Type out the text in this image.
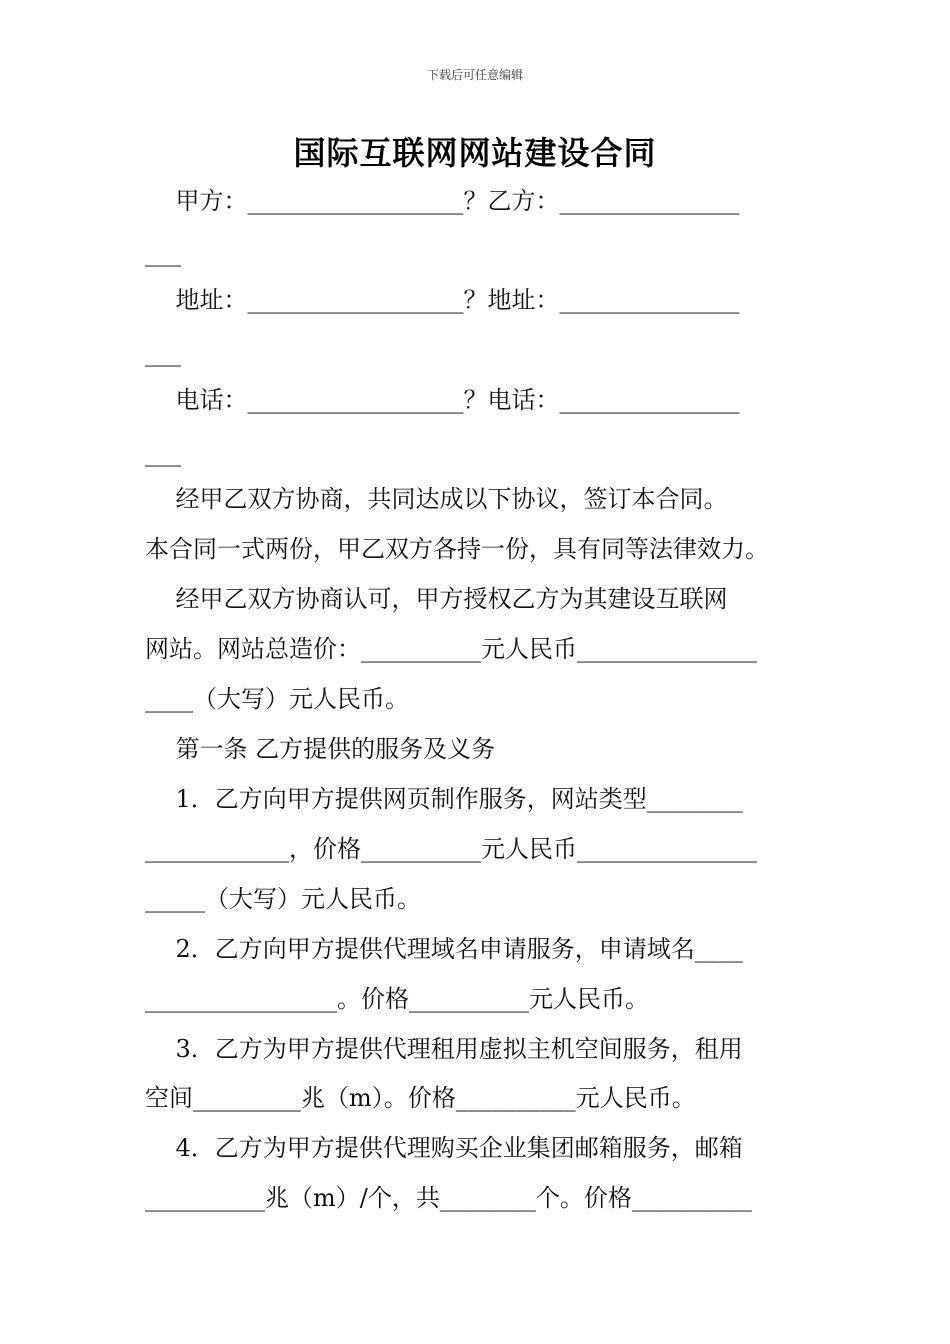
下载后可任意编辑
国际互联网网站建设合同
甲方：__________________？乙方：_______________
___
地址：__________________？地址：_______________
___
电话：__________________？电话：_______________
___
经甲乙双方协商，共同达成以下协议，签订本合同。
本合同一式两份，甲乙双方各持一份，具有同等法律效力。
经甲乙双方协商认可，甲方授权乙方为其建设互联网
网站。网站总造价：__________元人民币_______________
____（大写）元人民币。
第一条 乙方提供的服务及义务
1．乙方向甲方提供网页制作服务，网站类型________
____________，价格__________元人民币_______________
_____（大写）元人民币。
2．乙方向甲方提供代理域名申请服务，申请域名____
________________。价格__________元人民币。
3．乙方为甲方提供代理租用虚拟主机空间服务，租用
空间_________兆（m）。价格__________元人民币。
4．乙方为甲方提供代理购买企业集团邮箱服务，邮箱
__________兆（m）/个，共________个。价格__________
